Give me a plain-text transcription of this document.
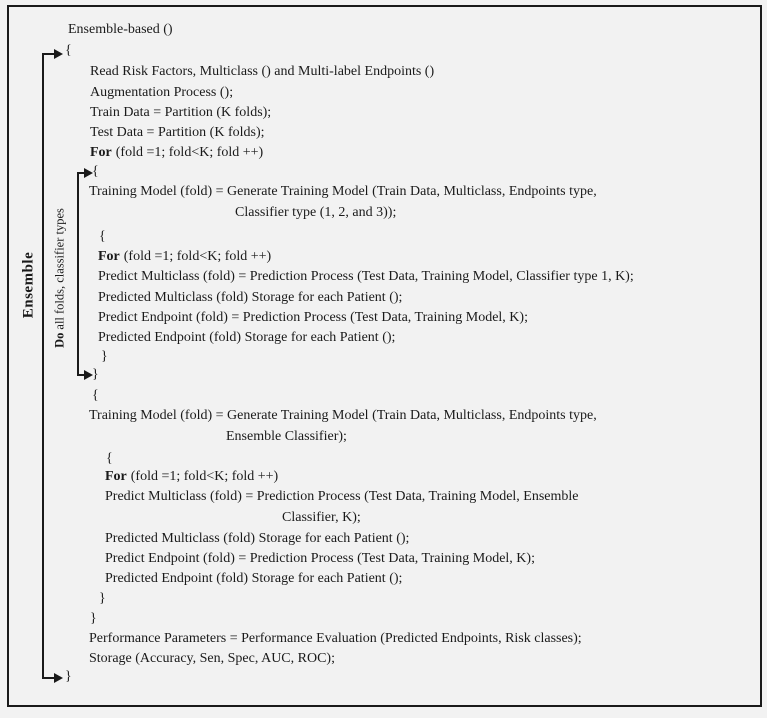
Ensemble
Doall folds, classifier types
Ensemble-based ()
{
Read Risk Factors, Multiclass () and Multi-label Endpoints ()
Augmentation Process ();
Train Data = Partition (K folds);
Test Data = Partition (K folds);
For (fold =1; fold<K; fold ++)
{
Training Model (fold) = Generate Training Model (Train Data, Multiclass, Endpoints type,
Classifier type (1, 2, and 3));
{
For (fold =1; fold<K; fold ++)
Predict Multiclass (fold) = Prediction Process (Test Data, Training Model, Classifier type 1, K);
Predicted Multiclass (fold) Storage for each Patient ();
Predict Endpoint (fold) = Prediction Process (Test Data, Training Model, K);
Predicted Endpoint (fold) Storage for each Patient ();
}
}
{
Training Model (fold) = Generate Training Model (Train Data, Multiclass, Endpoints type,
Ensemble Classifier);
{
For (fold =1; fold<K; fold ++)
Predict Multiclass (fold) = Prediction Process (Test Data, Training Model, Ensemble
Classifier, K);
Predicted Multiclass (fold) Storage for each Patient ();
Predict Endpoint (fold) = Prediction Process (Test Data, Training Model, K);
Predicted Endpoint (fold) Storage for each Patient ();
}
}
Performance Parameters = Performance Evaluation (Predicted Endpoints, Risk classes);
Storage (Accuracy, Sen, Spec, AUC, ROC);
}
